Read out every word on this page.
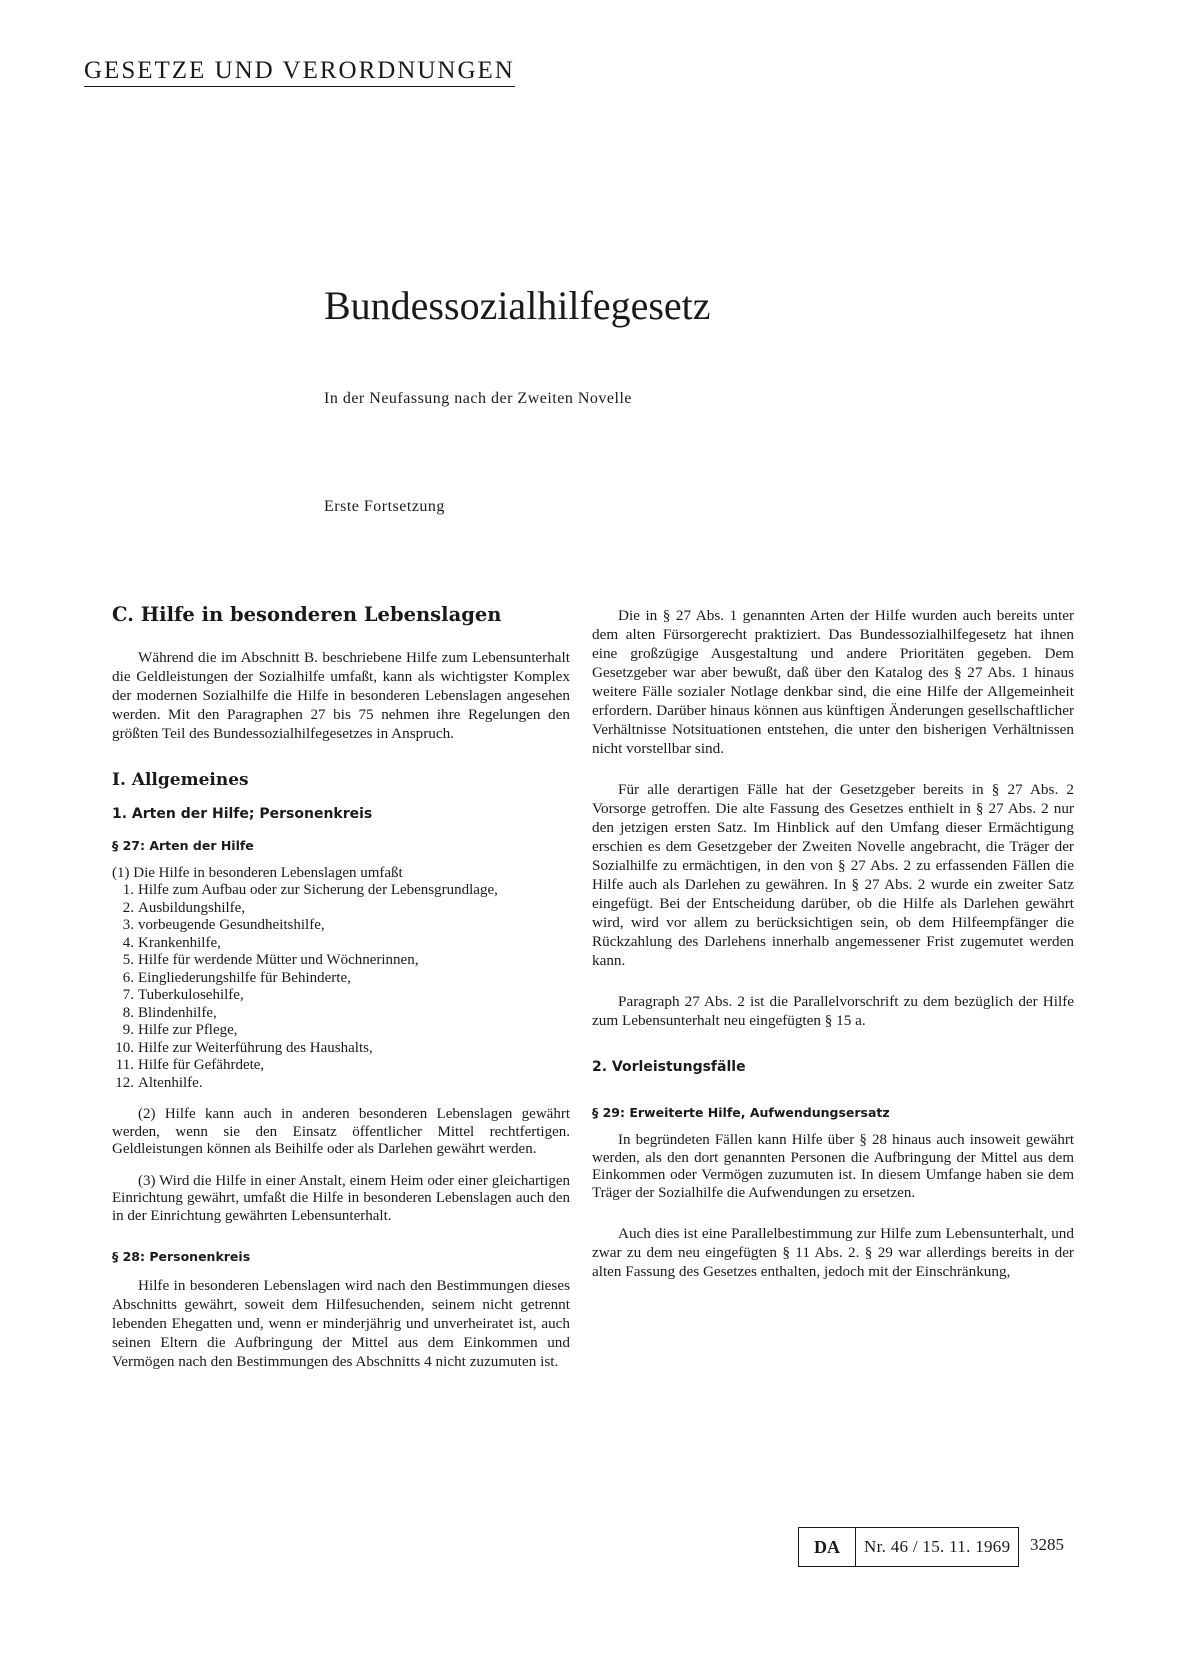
GESETZE UND VERORDNUNGEN
Bundessozialhilfegesetz
In der Neufassung nach der Zweiten Novelle
Erste Fortsetzung
C. Hilfe in besonderen Lebenslagen

Während die im Abschnitt B. beschriebene Hilfe zum Lebensunterhalt die Geldleistungen der Sozialhilfe umfaßt, kann als wichtigster Komplex der modernen Sozialhilfe die Hilfe in besonderen Lebenslagen angesehen werden. Mit den Paragraphen 27 bis 75 nehmen ihre Regelungen den größten Teil des Bundessozialhilfegesetzes in Anspruch.

I. Allgemeines
1. Arten der Hilfe; Personenkreis
§ 27: Arten der Hilfe
(1) Die Hilfe in besonderen Lebenslagen umfaßt
1. Hilfe zum Aufbau oder zur Sicherung der Lebensgrundlage,
2. Ausbildungshilfe,
3. vorbeugende Gesundheitshilfe,
4. Krankenhilfe,
5. Hilfe für werdende Mütter und Wöchnerinnen,
6. Eingliederungshilfe für Behinderte,
7. Tuberkulosehilfe,
8. Blindenhilfe,
9. Hilfe zur Pflege,
10. Hilfe zur Weiterführung des Haushalts,
11. Hilfe für Gefährdete,
12. Altenhilfe.

(2) Hilfe kann auch in anderen besonderen Lebenslagen gewährt werden, wenn sie den Einsatz öffentlicher Mittel rechtfertigen. Geldleistungen können als Beihilfe oder als Darlehen gewährt werden.

(3) Wird die Hilfe in einer Anstalt, einem Heim oder einer gleichartigen Einrichtung gewährt, umfaßt die Hilfe in besonderen Lebenslagen auch den in der Einrichtung gewährten Lebensunterhalt.

§ 28: Personenkreis

Hilfe in besonderen Lebenslagen wird nach den Bestimmungen dieses Abschnitts gewährt, soweit dem Hilfesuchenden, seinem nicht getrennt lebenden Ehegatten und, wenn er minderjährig und unverheiratet ist, auch seinen Eltern die Aufbringung der Mittel aus dem Einkommen und Vermögen nach den Bestimmungen des Abschnitts 4 nicht zuzumuten ist.

Die in § 27 Abs. 1 genannten Arten der Hilfe wurden auch bereits unter dem alten Fürsorgerecht praktiziert. Das Bundessozialhilfegesetz hat ihnen eine großzügige Ausgestaltung und andere Prioritäten gegeben. Dem Gesetzgeber war aber bewußt, daß über den Katalog des § 27 Abs. 1 hinaus weitere Fälle sozialer Notlage denkbar sind, die eine Hilfe der Allgemeinheit erfordern. Darüber hinaus können aus künftigen Änderungen gesellschaftlicher Verhältnisse Notsituationen entstehen, die unter den bisherigen Verhältnissen nicht vorstellbar sind.

Für alle derartigen Fälle hat der Gesetzgeber bereits in § 27 Abs. 2 Vorsorge getroffen. Die alte Fassung des Gesetzes enthielt in § 27 Abs. 2 nur den jetzigen ersten Satz. Im Hinblick auf den Umfang dieser Ermächtigung erschien es dem Gesetzgeber der Zweiten Novelle angebracht, die Träger der Sozialhilfe zu ermächtigen, in den von § 27 Abs. 2 zu erfassenden Fällen die Hilfe auch als Darlehen zu gewähren. In § 27 Abs. 2 wurde ein zweiter Satz eingefügt. Bei der Entscheidung darüber, ob die Hilfe als Darlehen gewährt wird, wird vor allem zu berücksichtigen sein, ob dem Hilfeempfänger die Rückzahlung des Darlehens innerhalb angemessener Frist zugemutet werden kann.

Paragraph 27 Abs. 2 ist die Parallelvorschrift zu dem bezüglich der Hilfe zum Lebensunterhalt neu eingefügten § 15 a.

2. Vorleistungsfälle
§ 29: Erweiterte Hilfe, Aufwendungsersatz

In begründeten Fällen kann Hilfe über § 28 hinaus auch insoweit gewährt werden, als den dort genannten Personen die Aufbringung der Mittel aus dem Einkommen oder Vermögen zuzumuten ist. In diesem Umfange haben sie dem Träger der Sozialhilfe die Aufwendungen zu ersetzen.

Auch dies ist eine Parallelbestimmung zur Hilfe zum Lebensunterhalt, und zwar zu dem neu eingefügten § 11 Abs. 2. § 29 war allerdings bereits in der alten Fassung des Gesetzes enthalten, jedoch mit der Einschränkung,

DA	Nr. 46 / 15. 11. 1969	3285
